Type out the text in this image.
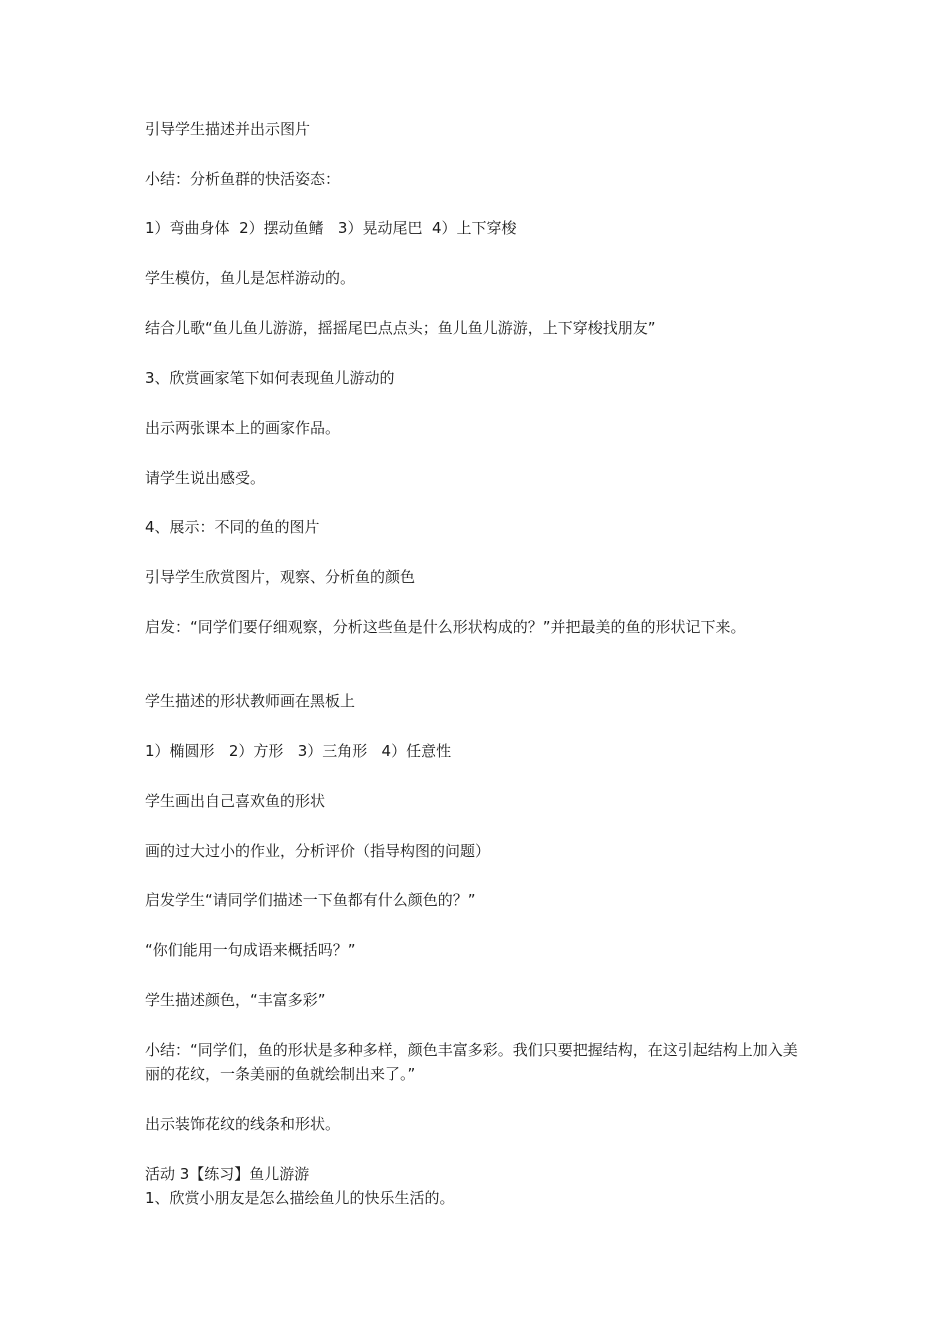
引导学生描述并出示图片

小结：分析鱼群的快活姿态：

1）弯曲身体  2）摆动鱼鳍   3）晃动尾巴  4）上下穿梭

学生模仿，鱼儿是怎样游动的。

结合儿歌“鱼儿鱼儿游游，摇摇尾巴点点头；鱼儿鱼儿游游，上下穿梭找朋友”

3、欣赏画家笔下如何表现鱼儿游动的

出示两张课本上的画家作品。

请学生说出感受。

4、展示：不同的鱼的图片

引导学生欣赏图片，观察、分析鱼的颜色

启发：“同学们要仔细观察，分析这些鱼是什么形状构成的？”并把最美的鱼的形状记下来。

学生描述的形状教师画在黑板上

1）椭圆形   2）方形   3）三角形   4）任意性

学生画出自己喜欢鱼的形状

画的过大过小的作业，分析评价（指导构图的问题）

启发学生“请同学们描述一下鱼都有什么颜色的？”

“你们能用一句成语来概括吗？”

学生描述颜色，“丰富多彩”

小结：“同学们，鱼的形状是多种多样，颜色丰富多彩。我们只要把握结构，在这引起结构上加入美丽的花纹，一条美丽的鱼就绘制出来了。”

出示装饰花纹的线条和形状。

活动 3【练习】鱼儿游游

1、欣赏小朋友是怎么描绘鱼儿的快乐生活的。
